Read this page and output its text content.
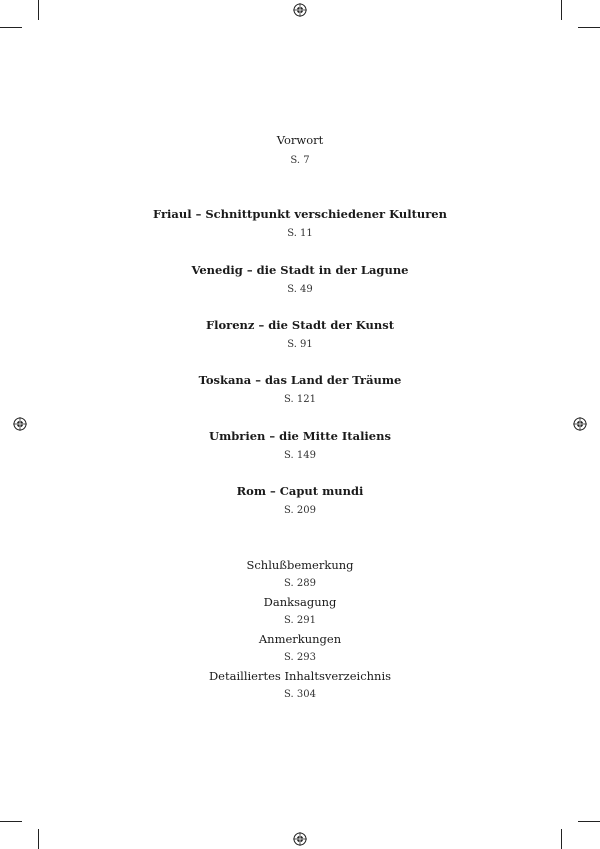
Vorwort
S. 7
Friaul – Schnittpunkt verschiedener Kulturen
S. 11
Venedig – die Stadt in der Lagune
S. 49
Florenz – die Stadt der Kunst
S. 91
Toskana – das Land der Träume
S. 121
Umbrien – die Mitte Italiens
S. 149
Rom – Caput mundi
S. 209
Schlußbemerkung
S. 289
Danksagung
S. 291
Anmerkungen
S. 293
Detailliertes Inhaltsverzeichnis
S. 304
